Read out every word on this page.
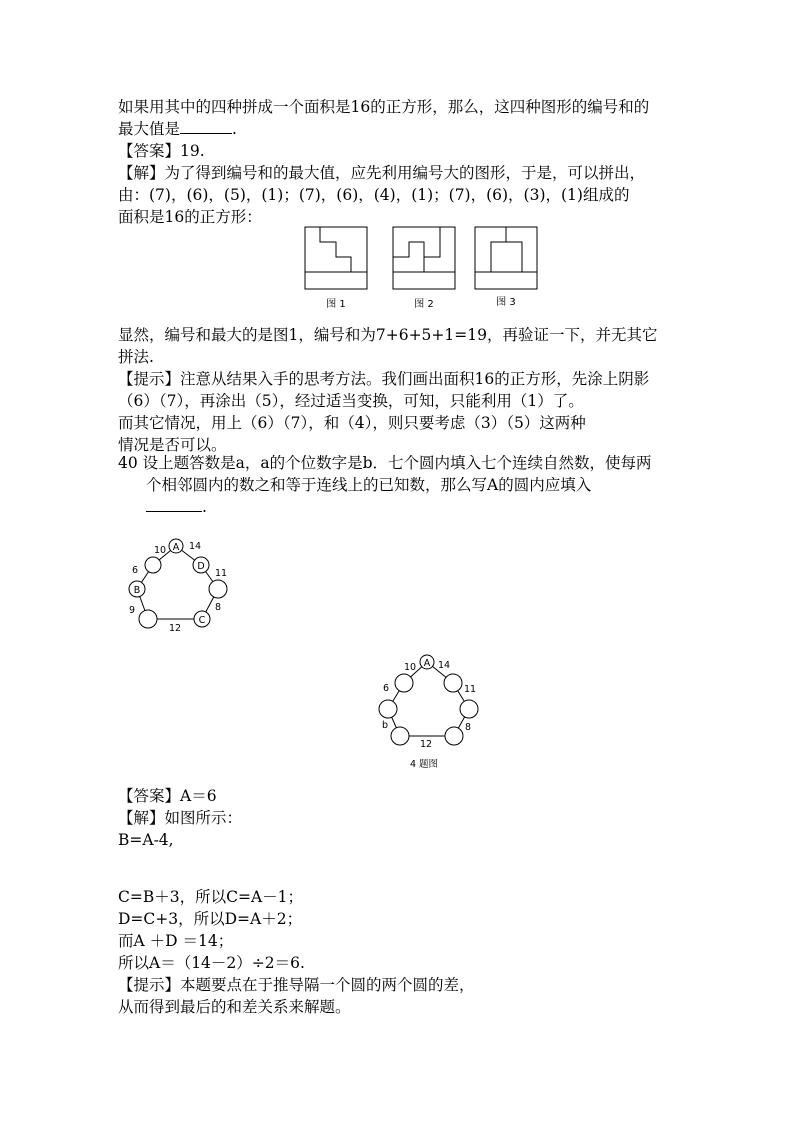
如果用其中的四种拼成一个面积是16的正方形，那么，这四种图形的编号和的
最大值是	.
【答案】19.
【解】为了得到编号和的最大值，应先利用编号大的图形，于是，可以拼出，
由：(7)，(6)，(5)，(1)；(7)，(6)，(4)，(1)；(7)，(6)，(3)，(1)组成的
面积是16的正方形：
图 1	图 2	图 3
显然，编号和最大的是图1，编号和为7+6+5+1=19，再验证一下，并无其它
拼法.
【提示】注意从结果入手的思考方法。我们画出面积16的正方形，先涂上阴影
（6）（7），再涂出（5），经过适当变换，可知，只能利用（1）了。
而其它情况，用上（6）（7），和（4），则只要考虑（3）（5）这两种
情况是否可以。
40 设上题答数是a，a的个位数字是b．七个圆内填入七个连续自然数，使每两
个相邻圆内的数之和等于连线上的已知数，那么写A的圆内应填入
.
A
D
C
B
14
11
8
12
9
6
10
A 14
11
8
12
b
6
10
4 题图
【答案】A＝6
【解】如图所示：
B=A-4,
C=B＋3，所以C=A－1；
D=C+3，所以D=A＋2；
而A ＋D ＝14；
所以A＝（14－2）÷2＝6.
【提示】本题要点在于推导隔一个圆的两个圆的差，
从而得到最后的和差关系来解题。
